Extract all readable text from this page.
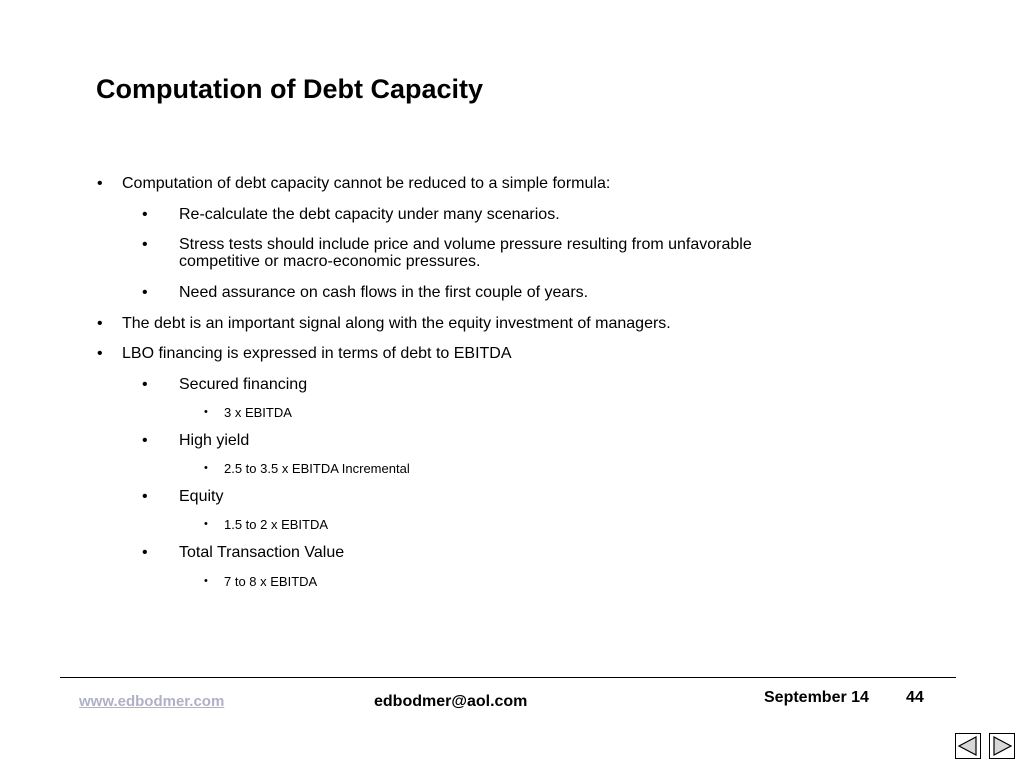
Computation of Debt Capacity
• Computation of debt capacity cannot be reduced to a simple formula:
• Re-calculate the debt capacity under many scenarios.
• Stress tests should include price and volume pressure resulting from unfavorable
competitive or macro-economic pressures.
• Need assurance on cash flows in the first couple of years.
• The debt is an important signal along with the equity investment of managers.
• LBO financing is expressed in terms of debt to EBITDA
• Secured financing
• 3 x EBITDA
• High yield
• 2.5 to 3.5 x EBITDA Incremental
• Equity
• 1.5 to 2 x EBITDA
• Total Transaction Value
• 7 to 8 x EBITDA
www.edbodmer.com	edbodmer@aol.com	September 14 44
